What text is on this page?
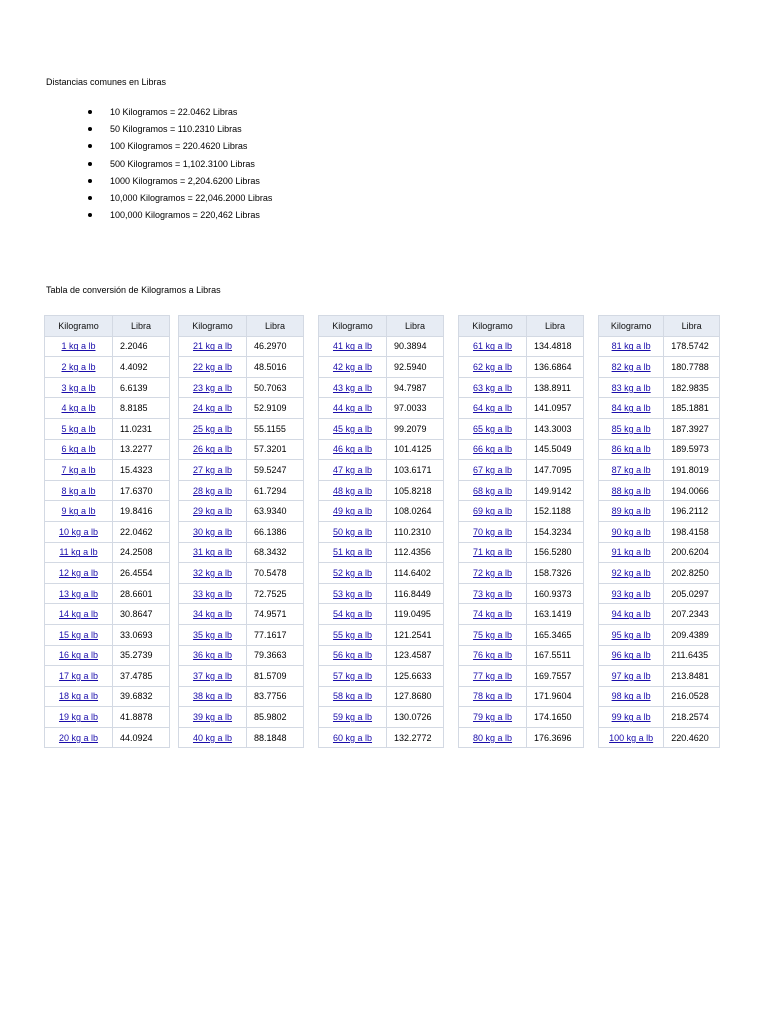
Distancias comunes en Libras
10 Kilogramos = 22.0462 Libras
50 Kilogramos = 110.2310 Libras
100 Kilogramos = 220.4620 Libras
500 Kilogramos = 1,102.3100 Libras
1000 Kilogramos = 2,204.6200 Libras
10,000 Kilogramos = 22,046.2000 Libras
100,000 Kilogramos = 220,462 Libras
Tabla de conversión de Kilogramos a Libras
Kilogramo	Libra
1 kg a lb	2.2046
2 kg a lb	4.4092
3 kg a lb	6.6139
4 kg a lb	8.8185
5 kg a lb	11.0231
6 kg a lb	13.2277
7 kg a lb	15.4323
8 kg a lb	17.6370
9 kg a lb	19.8416
10 kg a lb	22.0462
11 kg a lb	24.2508
12 kg a lb	26.4554
13 kg a lb	28.6601
14 kg a lb	30.8647
15 kg a lb	33.0693
16 kg a lb	35.2739
17 kg a lb	37.4785
18 kg a lb	39.6832
19 kg a lb	41.8878
20 kg a lb	44.0924
Kilogramo	Libra
21 kg a lb	46.2970
22 kg a lb	48.5016
23 kg a lb	50.7063
24 kg a lb	52.9109
25 kg a lb	55.1155
26 kg a lb	57.3201
27 kg a lb	59.5247
28 kg a lb	61.7294
29 kg a lb	63.9340
30 kg a lb	66.1386
31 kg a lb	68.3432
32 kg a lb	70.5478
33 kg a lb	72.7525
34 kg a lb	74.9571
35 kg a lb	77.1617
36 kg a lb	79.3663
37 kg a lb	81.5709
38 kg a lb	83.7756
39 kg a lb	85.9802
40 kg a lb	88.1848
Kilogramo	Libra
41 kg a lb	90.3894
42 kg a lb	92.5940
43 kg a lb	94.7987
44 kg a lb	97.0033
45 kg a lb	99.2079
46 kg a lb	101.4125
47 kg a lb	103.6171
48 kg a lb	105.8218
49 kg a lb	108.0264
50 kg a lb	110.2310
51 kg a lb	112.4356
52 kg a lb	114.6402
53 kg a lb	116.8449
54 kg a lb	119.0495
55 kg a lb	121.2541
56 kg a lb	123.4587
57 kg a lb	125.6633
58 kg a lb	127.8680
59 kg a lb	130.0726
60 kg a lb	132.2772
Kilogramo	Libra
61 kg a lb	134.4818
62 kg a lb	136.6864
63 kg a lb	138.8911
64 kg a lb	141.0957
65 kg a lb	143.3003
66 kg a lb	145.5049
67 kg a lb	147.7095
68 kg a lb	149.9142
69 kg a lb	152.1188
70 kg a lb	154.3234
71 kg a lb	156.5280
72 kg a lb	158.7326
73 kg a lb	160.9373
74 kg a lb	163.1419
75 kg a lb	165.3465
76 kg a lb	167.5511
77 kg a lb	169.7557
78 kg a lb	171.9604
79 kg a lb	174.1650
80 kg a lb	176.3696
Kilogramo	Libra
81 kg a lb	178.5742
82 kg a lb	180.7788
83 kg a lb	182.9835
84 kg a lb	185.1881
85 kg a lb	187.3927
86 kg a lb	189.5973
87 kg a lb	191.8019
88 kg a lb	194.0066
89 kg a lb	196.2112
90 kg a lb	198.4158
91 kg a lb	200.6204
92 kg a lb	202.8250
93 kg a lb	205.0297
94 kg a lb	207.2343
95 kg a lb	209.4389
96 kg a lb	211.6435
97 kg a lb	213.8481
98 kg a lb	216.0528
99 kg a lb	218.2574
100 kg a lb	220.4620
